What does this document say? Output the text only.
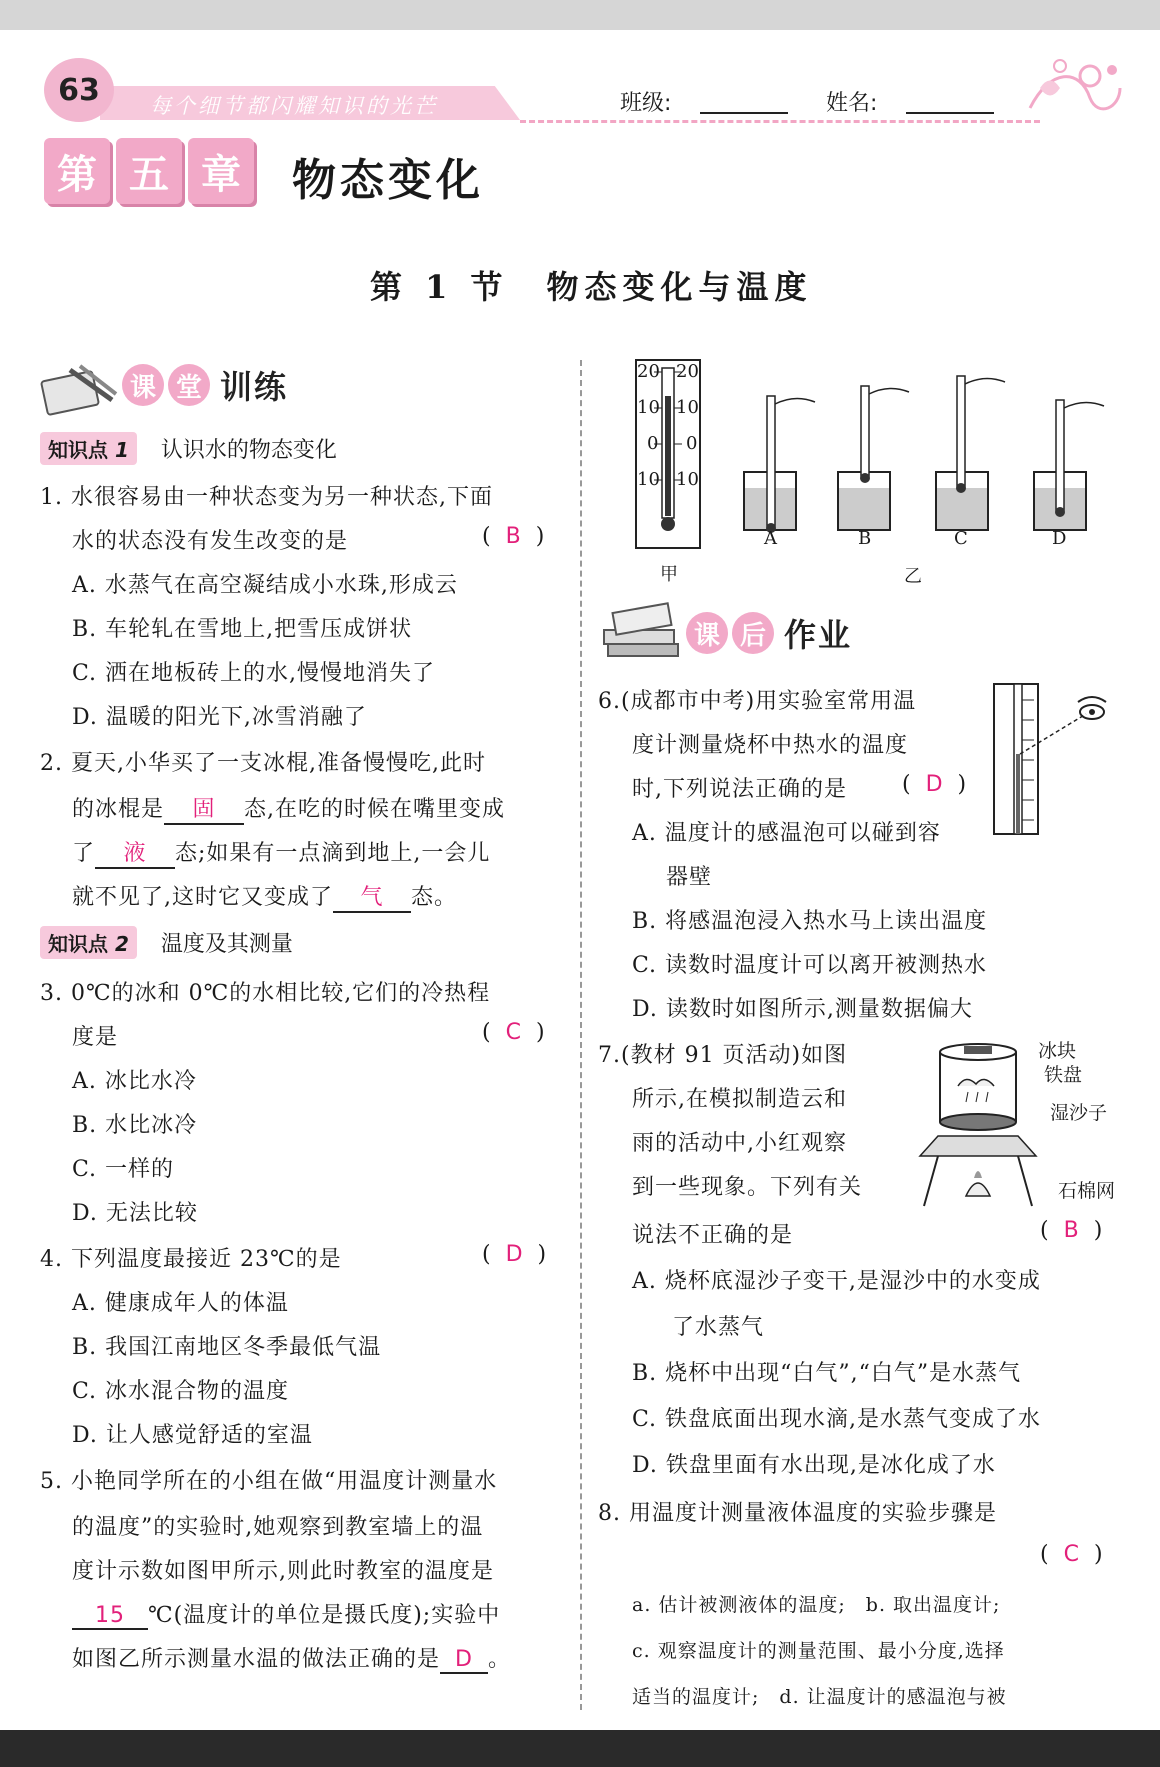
63	每个细节都闪耀知识的光芒	班级:	姓名:
第 五 章 物态变化
第 1 节　物态变化与温度
课 堂 训练
知识点 1	认识水的物态变化
1. 水很容易由一种状态变为另一种状态,下面
水的状态没有发生改变的是	( B )
A. 水蒸气在高空凝结成小水珠,形成云
B. 车轮轧在雪地上,把雪压成饼状
C. 洒在地板砖上的水,慢慢地消失了
D. 温暖的阳光下,冰雪消融了
2. 夏天,小华买了一支冰棍,准备慢慢吃,此时
的冰棍是 固 态,在吃的时候在嘴里变成
了 液 态;如果有一点滴到地上,一会儿
就不见了,这时它又变成了 气 态。
知识点 2	温度及其测量
3. 0℃的冰和 0℃的水相比较,它们的冷热程
度是	( C )
A. 冰比水冷
B. 水比冰冷
C. 一样的
D. 无法比较
4. 下列温度最接近 23℃的是	( D )
A. 健康成年人的体温
B. 我国江南地区冬季最低气温
C. 冰水混合物的温度
D. 让人感觉舒适的室温
5. 小艳同学所在的小组在做“用温度计测量水
的温度”的实验时,她观察到教室墙上的温
度计示数如图甲所示,则此时教室的温度是
15 ℃(温度计的单位是摄氏度);实验中
如图乙所示测量水温的做法正确的是 D 。
20 20
10 10
0 0
10 10
A	B	C	D
甲	乙
课 后 作业
6.(成都市中考)用实验室常用温
度计测量烧杯中热水的温度
时,下列说法正确的是	( D )
A. 温度计的感温泡可以碰到容
器壁
B. 将感温泡浸入热水马上读出温度
C. 读数时温度计可以离开被测热水
D. 读数时如图所示,测量数据偏大
7.(教材 91 页活动)如图
所示,在模拟制造云和
雨的活动中,小红观察
到一些现象。下列有关
说法不正确的是	( B )
冰块
铁盘
湿沙子
石棉网
A. 烧杯底湿沙子变干,是湿沙中的水变成
了水蒸气
B. 烧杯中出现“白气”,“白气”是水蒸气
C. 铁盘底面出现水滴,是水蒸气变成了水
D. 铁盘里面有水出现,是冰化成了水
8. 用温度计测量液体温度的实验步骤是
( C )
a. 估计被测液体的温度;　b. 取出温度计;
c. 观察温度计的测量范围、最小分度,选择
适当的温度计;　d. 让温度计的感温泡与被
